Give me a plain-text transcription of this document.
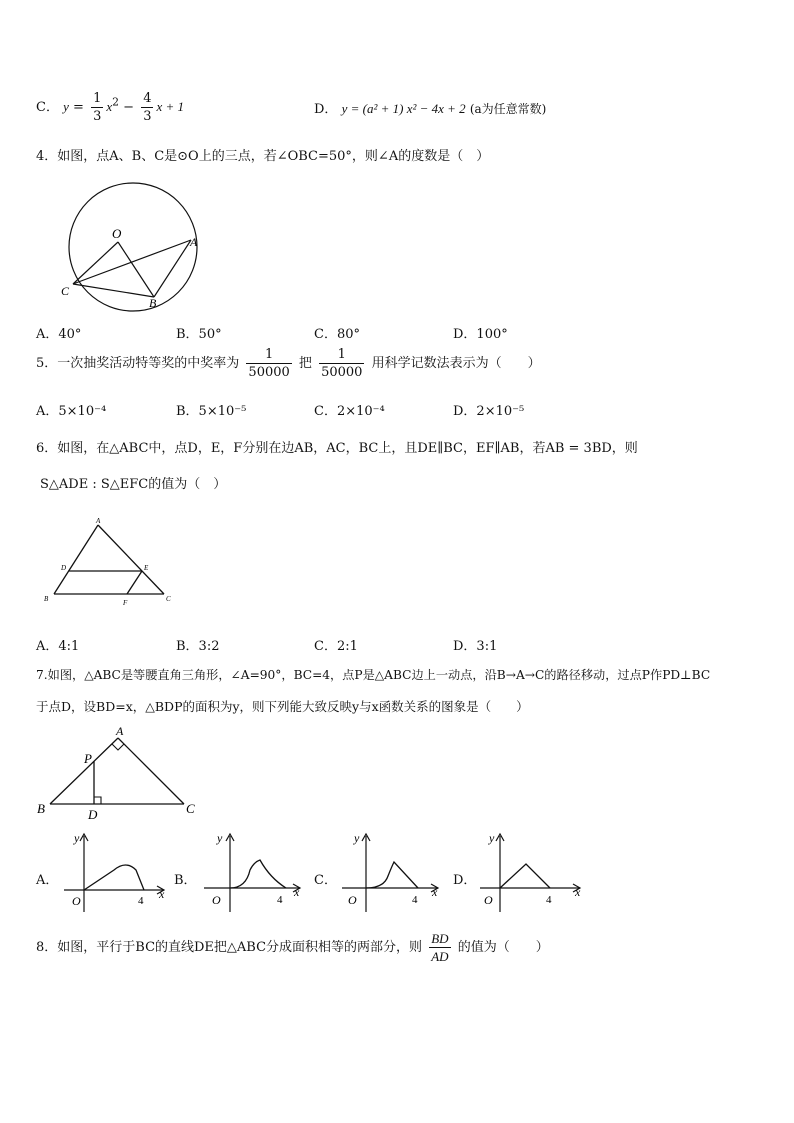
C． $y = \frac{1}{3} x^2 - \frac{4}{3}$ x + 1	D． y = (a² + 1) x² − 4x + 2 (a为任意常数)
4．如图，点A、B、C是⊙O上的三点，若∠OBC=50°，则∠A的度数是（　）
O
A
B
C
A．40°	B．50°	C．80°	D．100°
5．一次抽奖活动特等奖的中奖率为 $\frac{1}{50000}$ 把 $\frac{1}{50000}$ 用科学记数法表示为（　　）
A．5×10⁻⁴	B．5×10⁻⁵	C．2×10⁻⁴	D．2×10⁻⁵
6．如图，在△ABC中，点D，E，F分别在边AB，AC，BC上，且DE∥BC，EF∥AB，若AB = 3BD，则
S△ADE : S△EFC的值为（　）
A
B	C
D	E
F
A．4:1	B．3:2	C．2:1	D．3:1
7.如图，△ABC是等腰直角三角形，∠A=90°，BC=4，点P是△ABC边上一动点，沿B→A→C的路径移动，过点P作PD⊥BC
于点D，设BD=x，△BDP的面积为y，则下列能大致反映y与x函数关系的图象是（　　）
A
B	C
P
D
A．
y
x
O	4
B．
y
x
O	4
C．
y
x
O	4
D．
y
x
O	4
8．如图，平行于BC的直线DE把△ABC分成面积相等的两部分，则 $\frac{BD}{AD}$ 的值为（　　）
